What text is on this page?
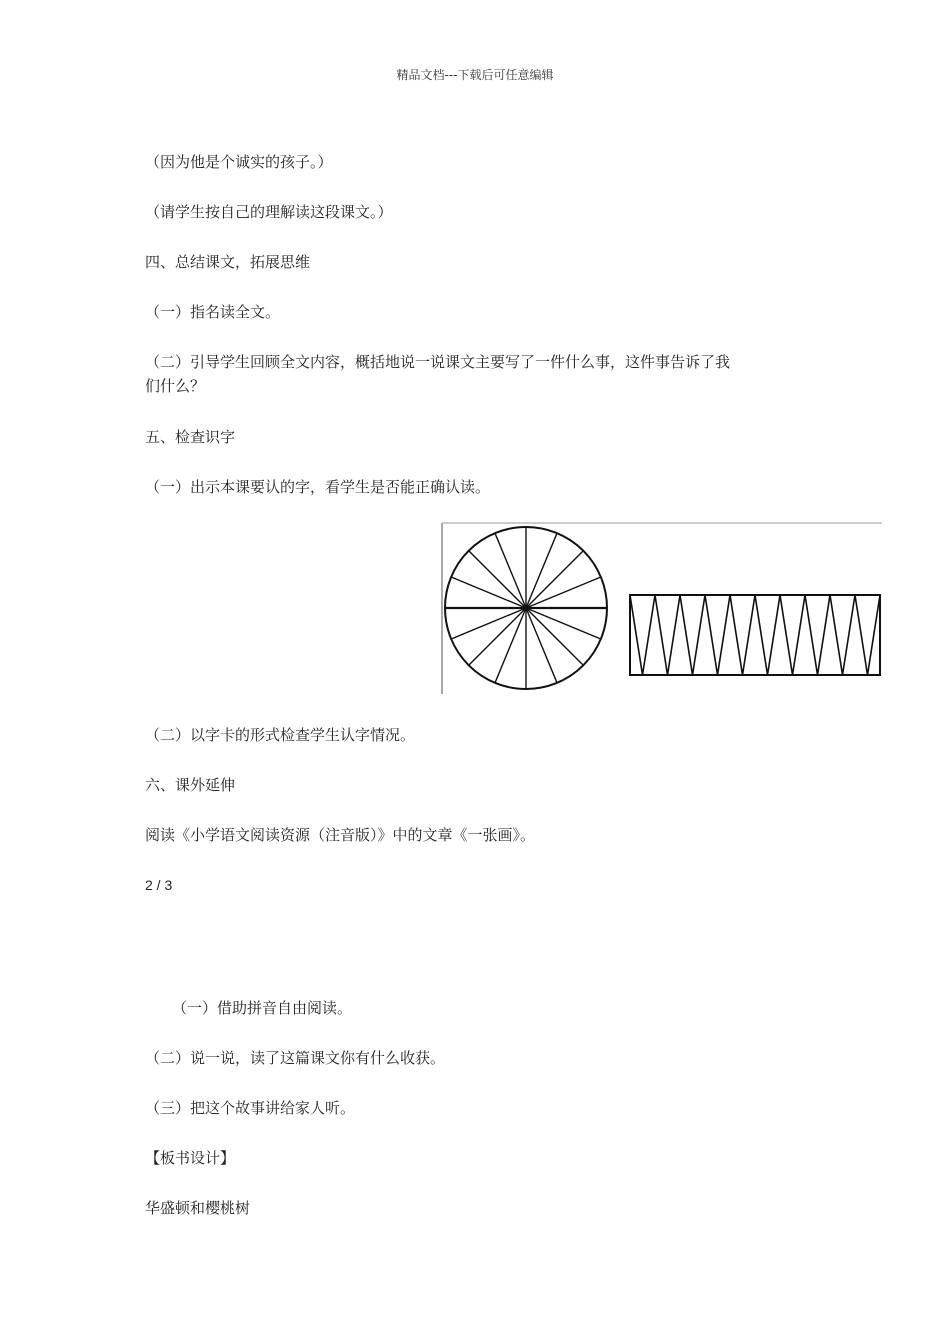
精品文档---下载后可任意编辑
（因为他是个诚实的孩子。）
（请学生按自己的理解读这段课文。）
四、总结课文，拓展思维
（一）指名读全文。
（二）引导学生回顾全文内容，概括地说一说课文主要写了一件什么事，这件事告诉了我
们什么？
五、检查识字
（一）出示本课要认的字，看学生是否能正确认读。
（二）以字卡的形式检查学生认字情况。
六、课外延伸
阅读《小学语文阅读资源（注音版）》中的文章《一张画》。
2 / 3
（一）借助拼音自由阅读。
（二）说一说，读了这篇课文你有什么收获。
（三）把这个故事讲给家人听。
【板书设计】
华盛顿和樱桃树
